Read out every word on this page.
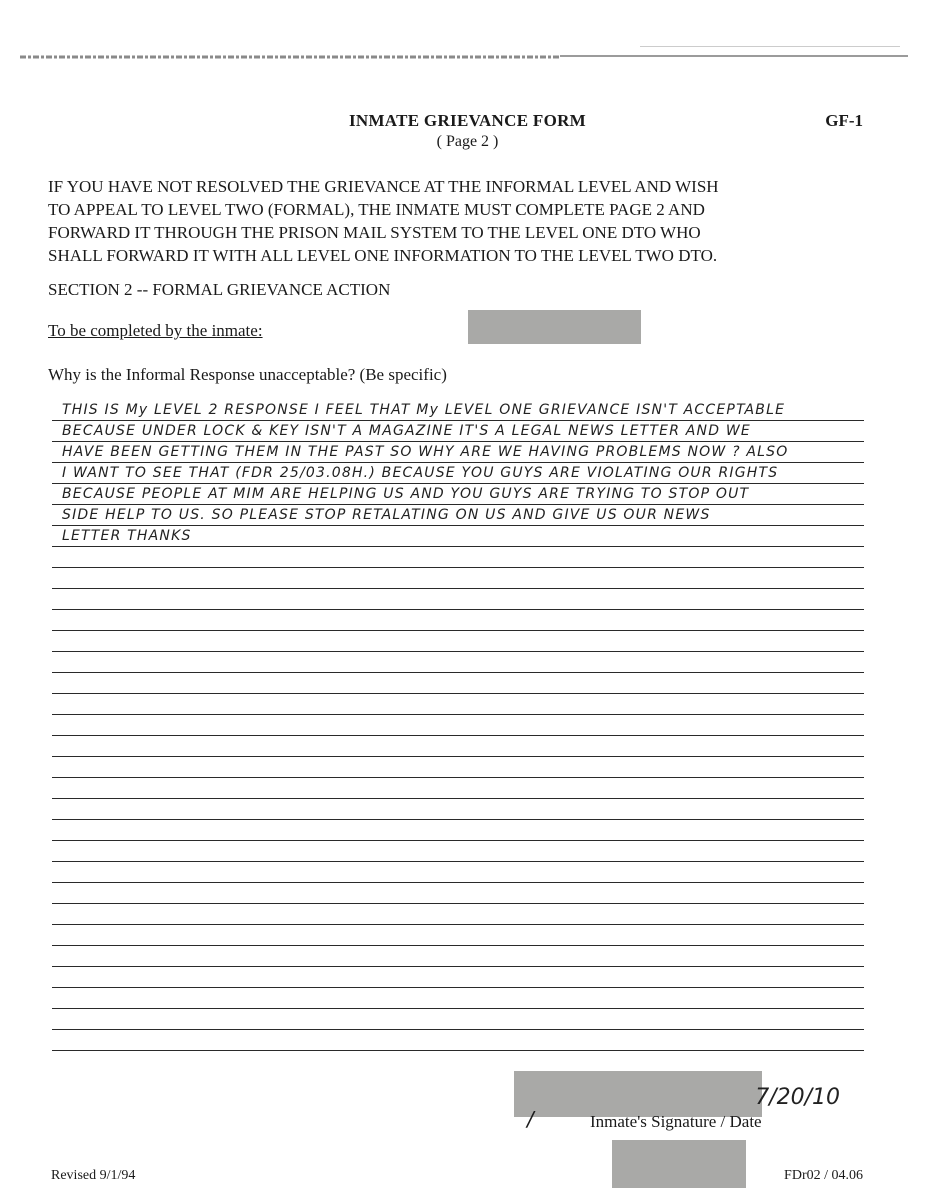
INMATE GRIEVANCE FORM
( Page 2 )
GF-1
IF YOU HAVE NOT RESOLVED THE GRIEVANCE AT THE INFORMAL LEVEL AND WISH
TO APPEAL TO LEVEL TWO (FORMAL), THE INMATE MUST COMPLETE PAGE 2 AND
FORWARD IT THROUGH THE PRISON MAIL SYSTEM TO THE LEVEL ONE DTO WHO
SHALL FORWARD IT WITH ALL LEVEL ONE INFORMATION TO THE LEVEL TWO DTO.
SECTION 2 -- FORMAL GRIEVANCE ACTION
To be completed by the inmate:
Why is the Informal Response unacceptable? (Be specific)
THIS IS My LEVEL 2 RESPONSE I FEEL THAT My LEVEL ONE GRIEVANCE ISN'T ACCEPTABLE
BECAUSE UNDER LOCK & KEY ISN'T A MAGAZINE IT'S A LEGAL NEWS LETTER AND WE
HAVE BEEN GETTING THEM IN THE PAST SO WHY ARE WE HAVING PROBLEMS NOW ? ALSO
I WANT TO SEE THAT (FDR 25/03.08H.) BECAUSE YOU GUYS ARE VIOLATING OUR RIGHTS
BECAUSE PEOPLE AT MIM ARE HELPING US AND YOU GUYS ARE TRYING TO STOP OUT
SIDE HELP TO US. SO PLEASE STOP RETALATING ON US AND GIVE US OUR NEWS
LETTER THANKS
/
7/20/10
Inmate's Signature / Date
Revised 9/1/94	FDr02 / 04.06
